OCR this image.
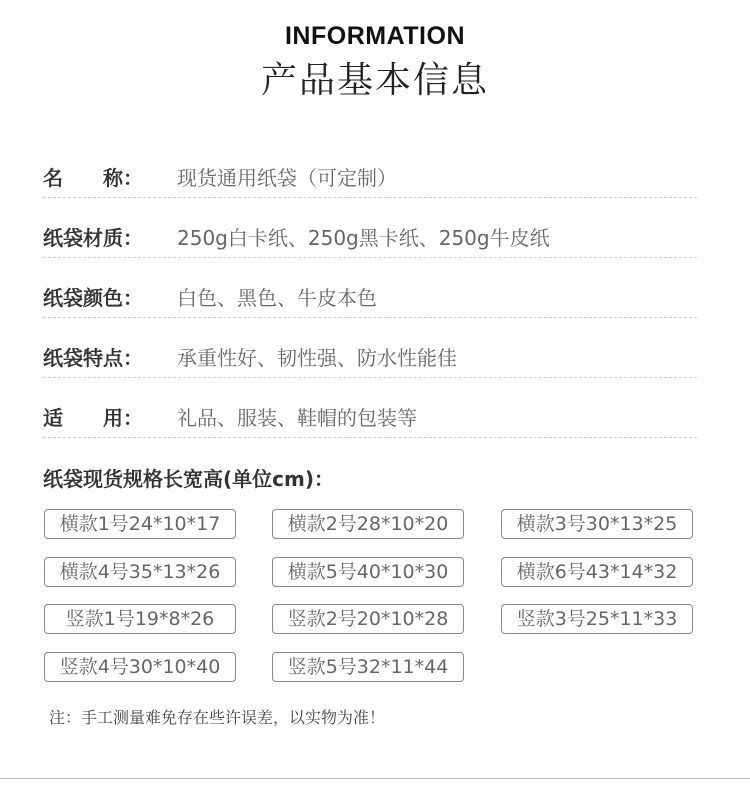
INFORMATION
产品基本信息
名　　称： 现货通用纸袋（可定制）
纸袋材质： 250g白卡纸、250g黑卡纸、250g牛皮纸
纸袋颜色： 白色、黑色、牛皮本色
纸袋特点： 承重性好、韧性强、防水性能佳
适　　用： 礼品、服装、鞋帽的包装等
纸袋现货规格长宽高(单位cm)：
横款1号24*10*17	横款2号28*10*20	横款3号30*13*25
横款4号35*13*26	横款5号40*10*30	横款6号43*14*32
竖款1号19*8*26	竖款2号20*10*28	竖款3号25*11*33
竖款4号30*10*40	竖款5号32*11*44
注：手工测量难免存在些许误差，以实物为准！
